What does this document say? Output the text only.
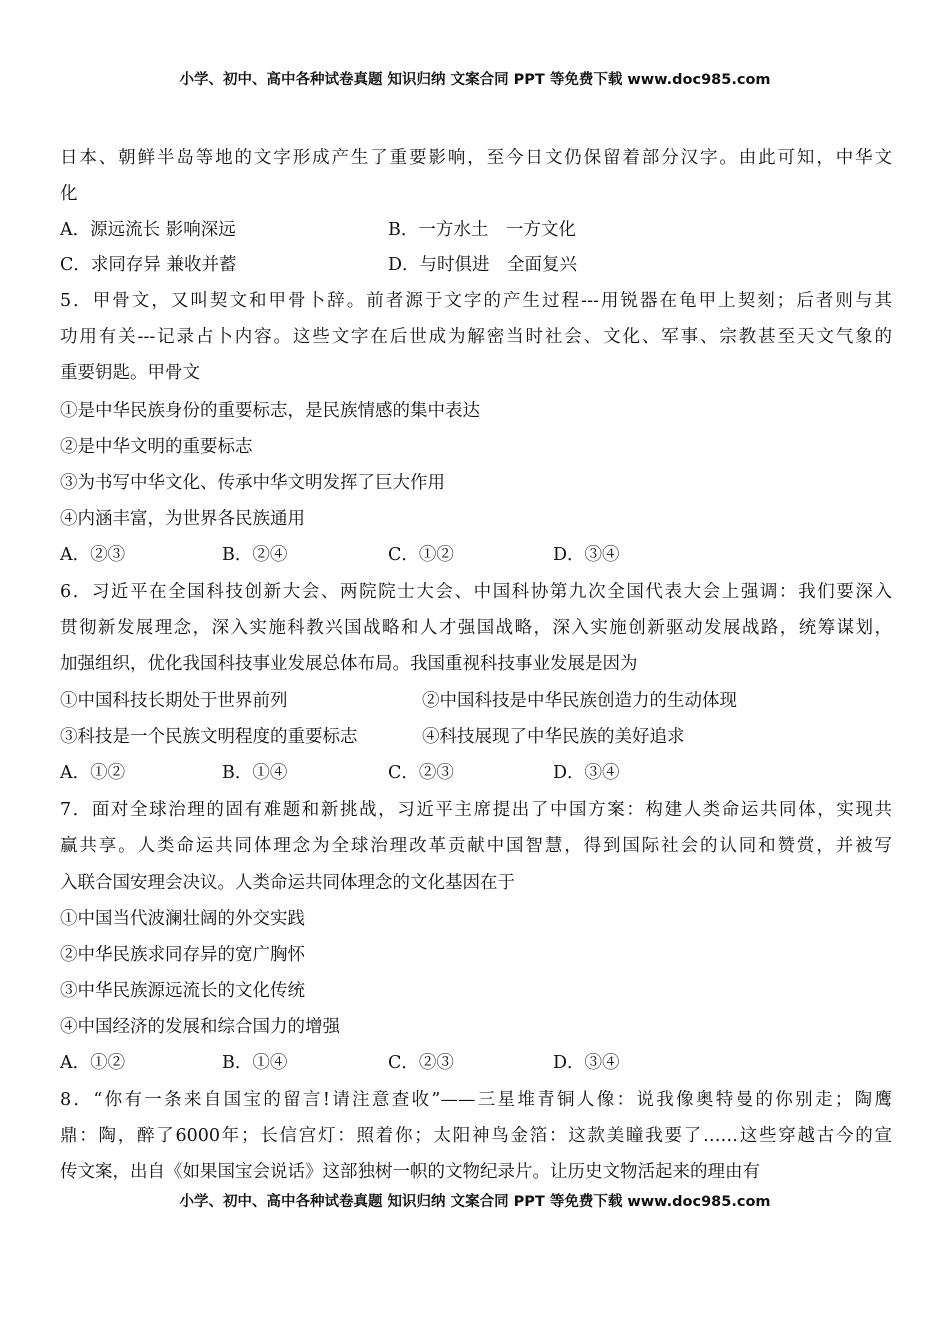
小学、初中、高中各种试卷真题 知识归纳 文案合同 PPT 等免费下载 www.doc985.com
日本、朝鲜半岛等地的文字形成产生了重要影响，至今日文仍保留着部分汉字。由此可知，中华文
化
A．源远流长 影响深远	B．一方水土　一方文化
C．求同存异 兼收并蓄	D．与时俱进　全面复兴
5．甲骨文，又叫契文和甲骨卜辞。前者源于文字的产生过程---用锐器在龟甲上契刻；后者则与其
功用有关---记录占卜内容。这些文字在后世成为解密当时社会、文化、军事、宗教甚至天文气象的
重要钥匙。甲骨文
①是中华民族身份的重要标志，是民族情感的集中表达
②是中华文明的重要标志
③为书写中华文化、传承中华文明发挥了巨大作用
④内涵丰富，为世界各民族通用
A．②③	B．②④	C．①②	D．③④
6．习近平在全国科技创新大会、两院院士大会、中国科协第九次全国代表大会上强调：我们要深入
贯彻新发展理念，深入实施科教兴国战略和人才强国战略，深入实施创新驱动发展战路，统筹谋划，
加强组织，优化我国科技事业发展总体布局。我国重视科技事业发展是因为
①中国科技长期处于世界前列	②中国科技是中华民族创造力的生动体现
③科技是一个民族文明程度的重要标志	④科技展现了中华民族的美好追求
A．①②	B．①④	C．②③	D．③④
7．面对全球治理的固有难题和新挑战，习近平主席提出了中国方案：构建人类命运共同体，实现共
赢共享。人类命运共同体理念为全球治理改革贡献中国智慧，得到国际社会的认同和赞赏，并被写
入联合国安理会决议。人类命运共同体理念的文化基因在于
①中国当代波澜壮阔的外交实践
②中华民族求同存异的宽广胸怀
③中华民族源远流长的文化传统
④中国经济的发展和综合国力的增强
A．①②	B．①④	C．②③	D．③④
8．“你有一条来自国宝的留言!请注意查收”——三星堆青铜人像：说我像奥特曼的你别走；陶鹰
鼎：陶，醉了6000年；长信宫灯：照着你；太阳神鸟金箔：这款美瞳我要了……这些穿越古今的宣
传文案，出自《如果国宝会说话》这部独树一帜的文物纪录片。让历史文物活起来的理由有
小学、初中、高中各种试卷真题 知识归纳 文案合同 PPT 等免费下载 www.doc985.com
